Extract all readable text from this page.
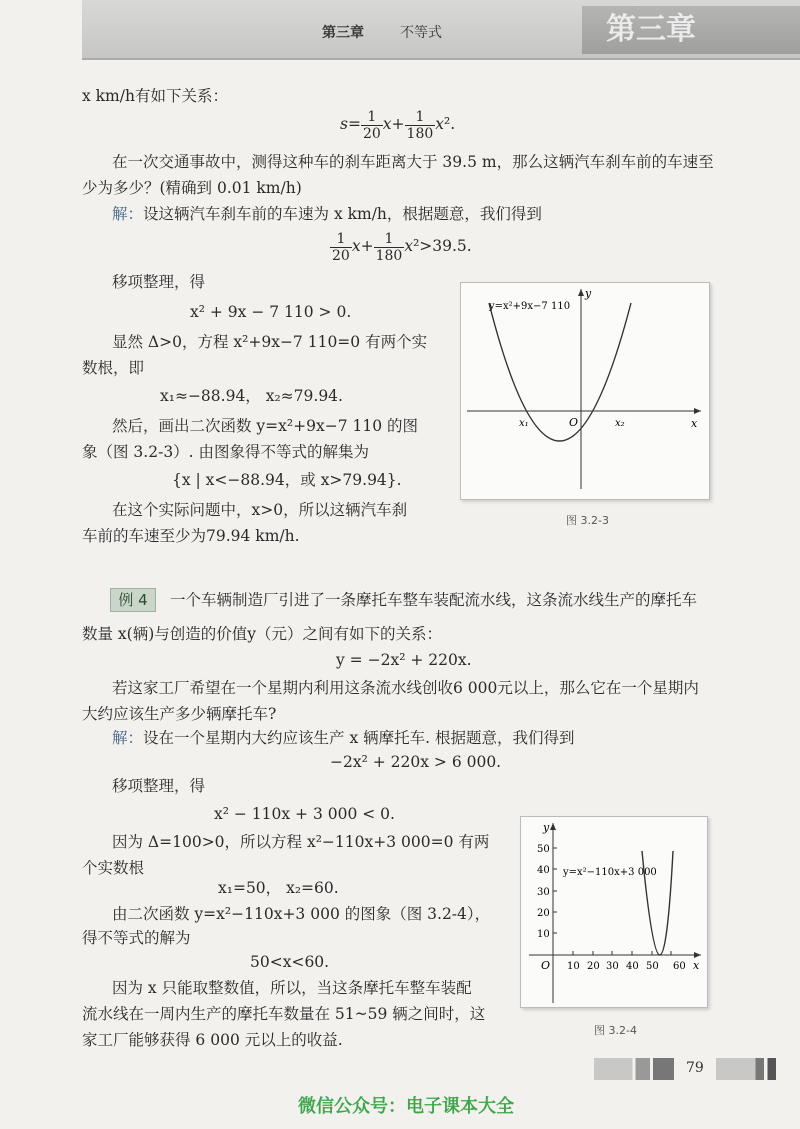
第三章	不等式	第三章
x km/h有如下关系：
$s= \frac{1}{20} x+ \frac{1}{180} x^2$.
在一次交通事故中，测得这种车的刹车距离大于 39.5 m，那么这辆汽车刹车前的车速至
少为多少？(精确到 0.01 km/h)
解：设这辆汽车刹车前的车速为 x km/h，根据题意，我们得到
$\frac{1}{20} x+ \frac{1}{180} x^2>39.5$.
移项整理，得
x² + 9x − 7 110 > 0.
显然 Δ>0，方程 x²+9x−7 110=0 有两个实
数根，即
x₁≈−88.94， x₂≈79.94.
然后，画出二次函数 y=x²+9x−7 110 的图
象（图 3.2-3）. 由图象得不等式的解集为
{x | x<−88.94，或 x>79.94}.
在这个实际问题中，x>0，所以这辆汽车刹
车前的车速至少为79.94 km/h.
y=x²+9x−7 110
y
x
O
x₁	x₂
图 3.2-3
例 4	一个车辆制造厂引进了一条摩托车整车装配流水线，这条流水线生产的摩托车
数量 x(辆)与创造的价值y（元）之间有如下的关系：
y = −2x² + 220x.
若这家工厂希望在一个星期内利用这条流水线创收6 000元以上，那么它在一个星期内
大约应该生产多少辆摩托车?
解：设在一个星期内大约应该生产 x 辆摩托车. 根据题意，我们得到
−2x² + 220x > 6 000.
移项整理，得
x² − 110x + 3 000 < 0.
因为 Δ=100>0，所以方程 x²−110x+3 000=0 有两
个实数根
x₁=50， x₂=60.
由二次函数 y=x²−110x+3 000 的图象（图 3.2-4），
得不等式的解为
50<x<60.
因为 x 只能取整数值，所以，当这条摩托车整车装配
流水线在一周内生产的摩托车数量在 51~59 辆之间时，这
家工厂能够获得 6 000 元以上的收益.
50
40
30
20
10
10 20 30 40 50 60
y=x²−110x+3 000
y
x
O
图 3.2-4
79
微信公众号：电子课本大全
